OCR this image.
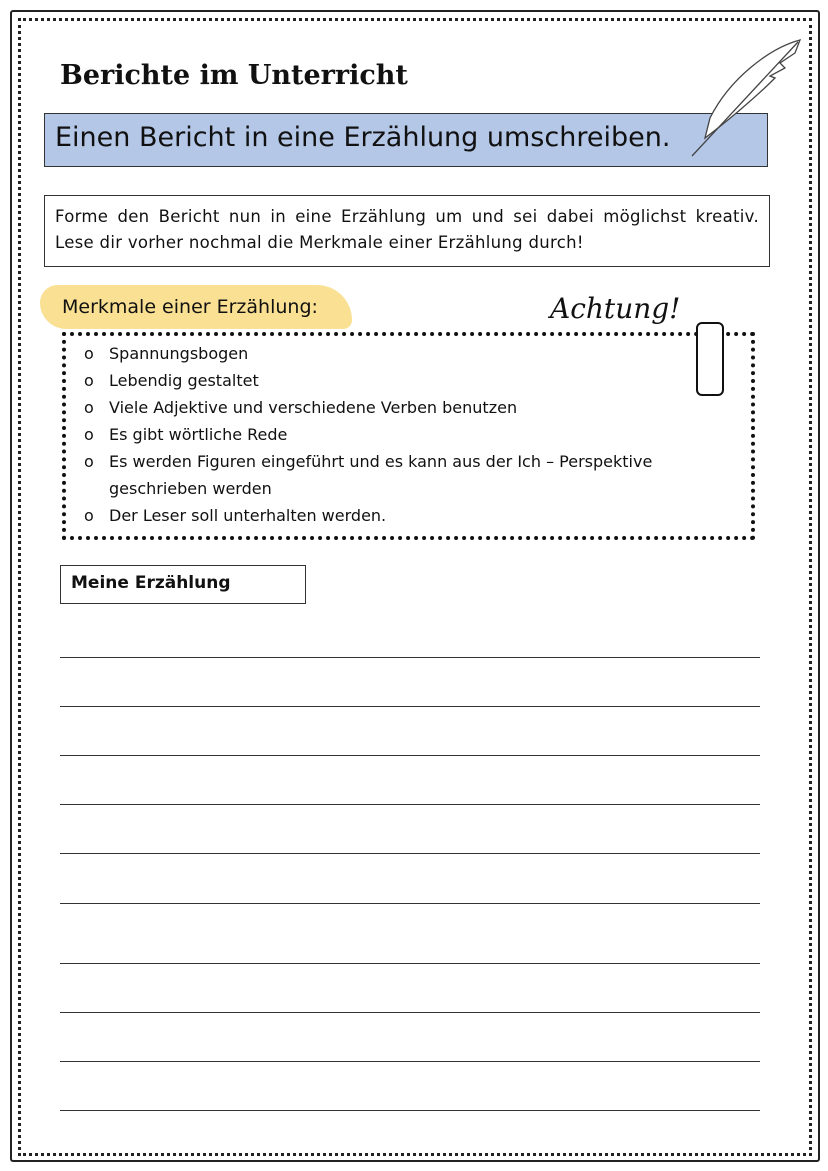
Berichte im Unterricht
Einen Bericht in eine Erzählung umschreiben.
Forme den Bericht nun in eine Erzählung um und sei dabei möglichst kreativ. Lese dir vorher nochmal die Merkmale einer Erzählung durch!
Merkmale einer Erzählung:	Achtung!
o Spannungsbogen
o Lebendig gestaltet
o Viele Adjektive und verschiedene Verben benutzen
o Es gibt wörtliche Rede
o Es werden Figuren eingeführt und es kann aus der Ich – Perspektive geschrieben werden
o Der Leser soll unterhalten werden.
Meine Erzählung
